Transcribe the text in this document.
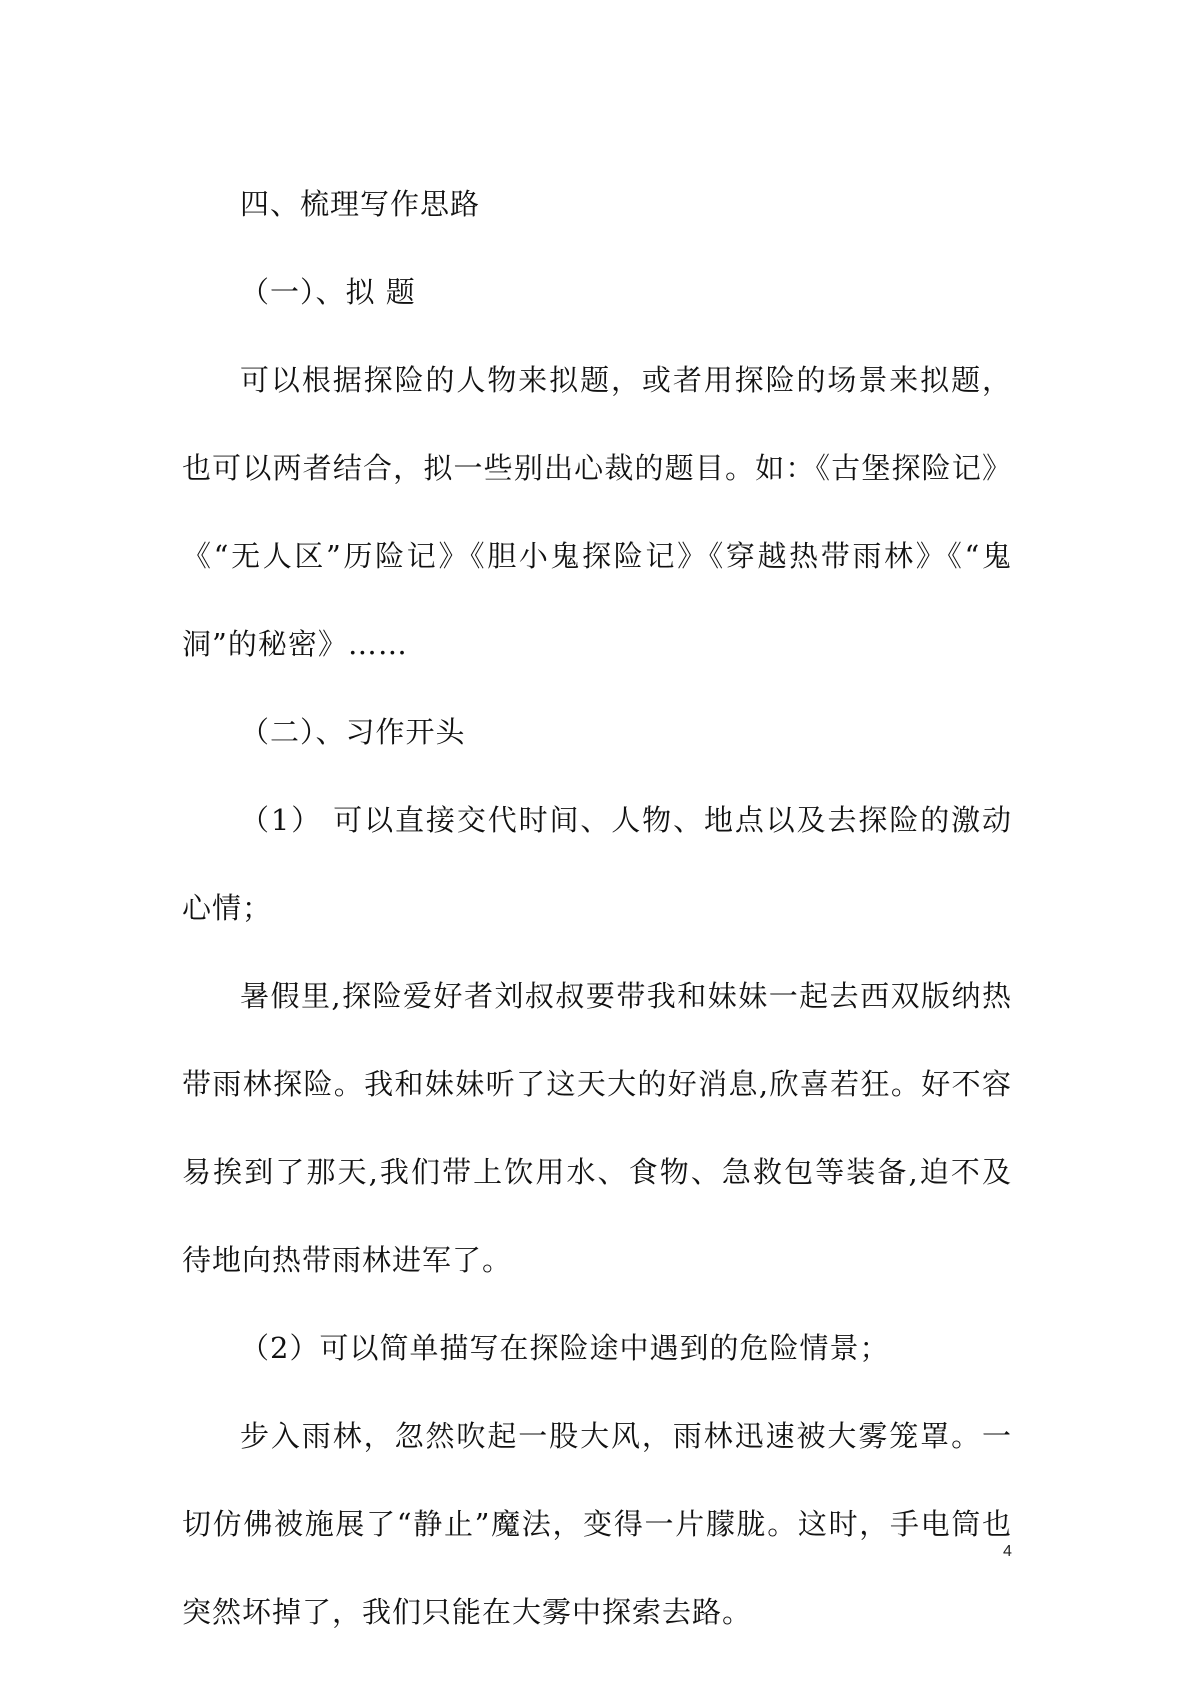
四、梳理写作思路

（一）、拟 题

可以根据探险的人物来拟题，或者用探险的场景来拟题，也可以两者结合，拟一些别出心裁的题目。如：《古堡探险记》《“无人区”历险记》《胆小鬼探险记》《穿越热带雨林》《“鬼洞”的秘密》……

（二）、习作开头

（1） 可以直接交代时间、人物、地点以及去探险的激动心情；

暑假里,探险爱好者刘叔叔要带我和妹妹一起去西双版纳热带雨林探险。我和妹妹听了这天大的好消息,欣喜若狂。好不容易挨到了那天,我们带上饮用水、食物、急救包等装备,迫不及待地向热带雨林进军了。

（2）可以简单描写在探险途中遇到的危险情景；

步入雨林，忽然吹起一股大风，雨林迅速被大雾笼罩。一切仿佛被施展了“静止”魔法，变得一片朦胧。这时，手电筒也突然坏掉了，我们只能在大雾中探索去路。

4
